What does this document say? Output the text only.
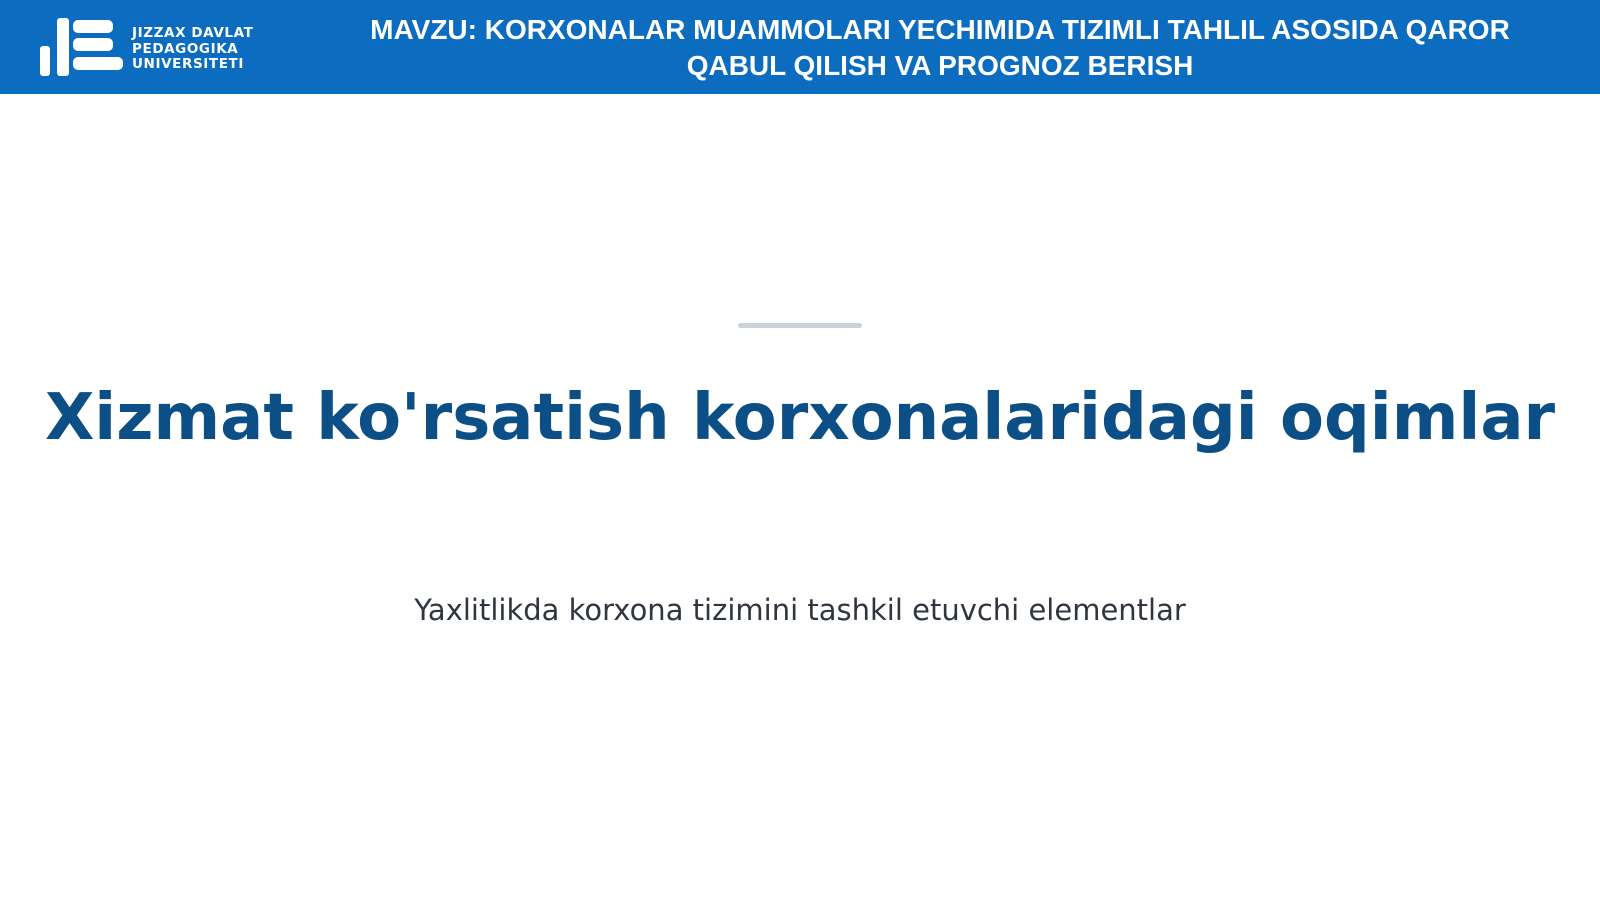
JIZZAX DAVLAT
PEDAGOGIKA
UNIVERSITETI
MAVZU: KORXONALAR MUAMMOLARI YECHIMIDA TIZIMLI TAHLIL ASOSIDA QAROR
QABUL QILISH VA PROGNOZ BERISH
Xizmat ko'rsatish korxonalaridagi oqimlar
Yaxlitlikda korxona tizimini tashkil etuvchi elementlar
